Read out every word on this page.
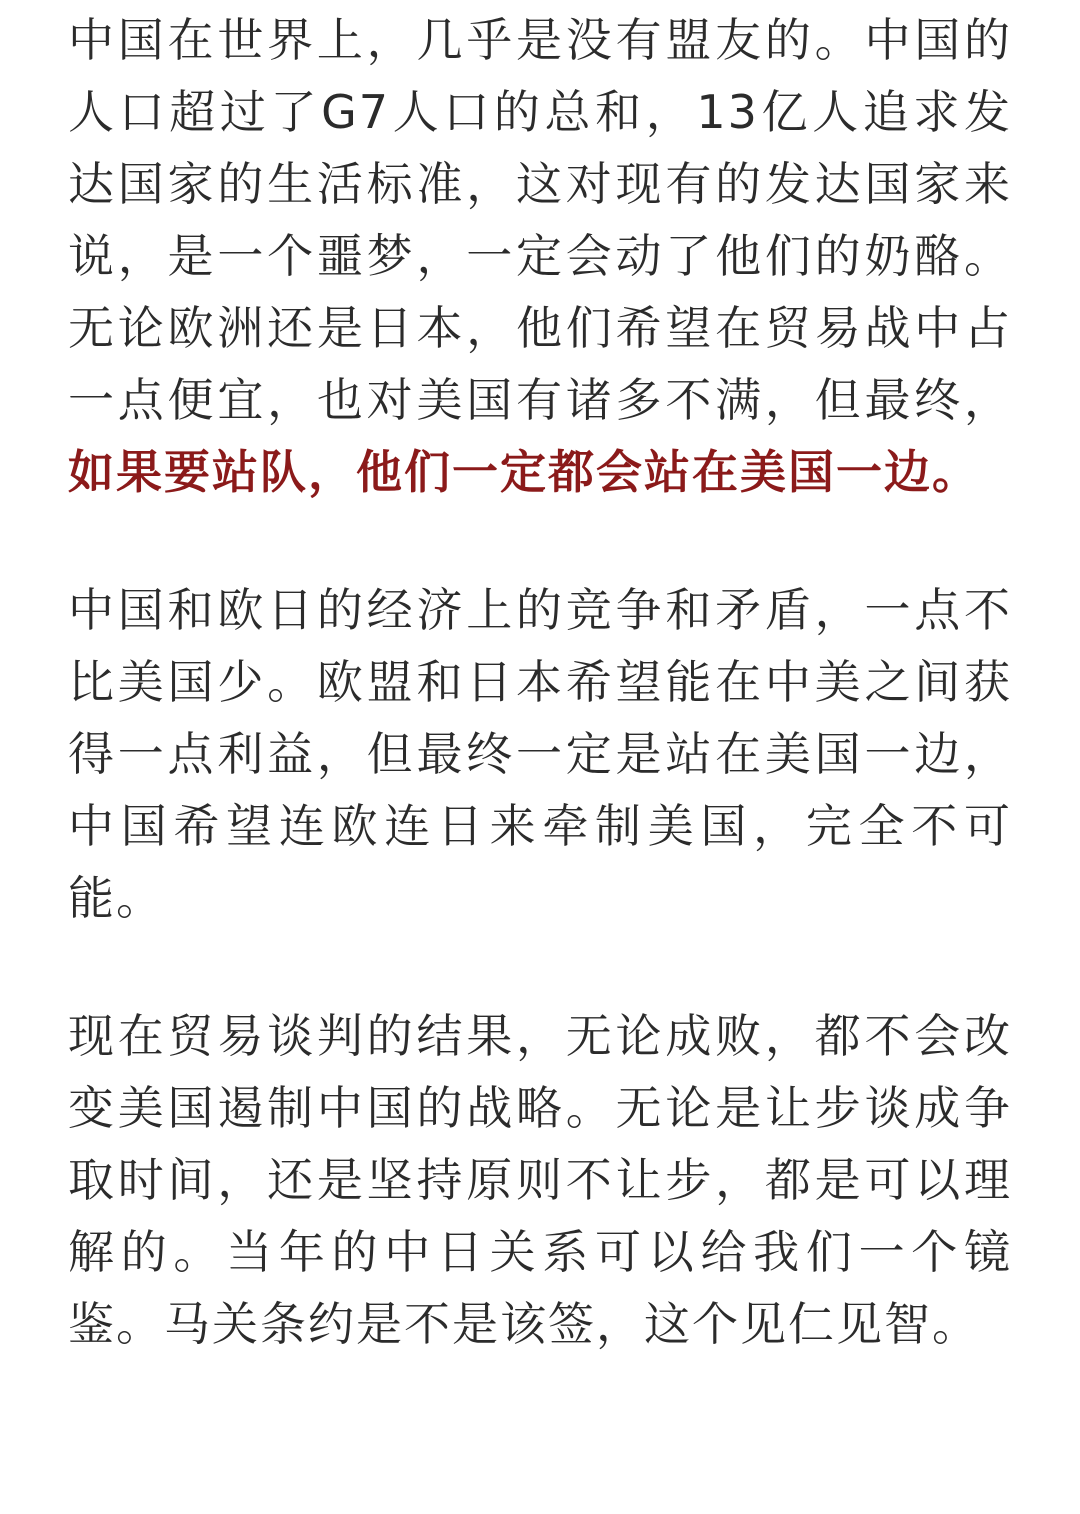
中国在世界上，几乎是没有盟友的。中国的人口超过了G7人口的总和，13亿人追求发达国家的生活标准，这对现有的发达国家来说，是一个噩梦，一定会动了他们的奶酪。无论欧洲还是日本，他们希望在贸易战中占一点便宜，也对美国有诸多不满，但最终，如果要站队，他们一定都会站在美国一边。

中国和欧日的经济上的竞争和矛盾，一点不比美国少。欧盟和日本希望能在中美之间获得一点利益，但最终一定是站在美国一边，中国希望连欧连日来牵制美国，完全不可能。

现在贸易谈判的结果，无论成败，都不会改变美国遏制中国的战略。无论是让步谈成争取时间，还是坚持原则不让步，都是可以理解的。当年的中日关系可以给我们一个镜鉴。马关条约是不是该签，这个见仁见智。
